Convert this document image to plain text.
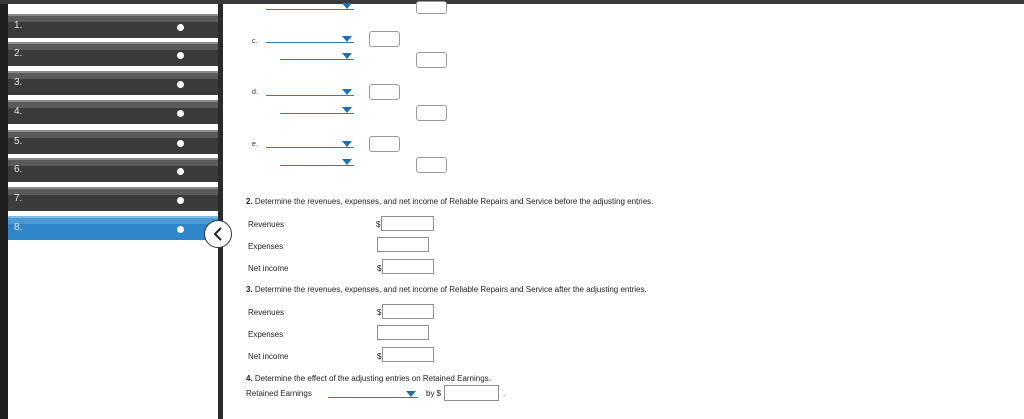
1.
2.
3.
4.
5.
6.
7.
8.
c.
d.
e.
2. Determine the revenues, expenses, and net income of Reliable Repairs and Service before the adjusting entries.
Revenues	$
Expenses
Net income	$
3. Determine the revenues, expenses, and net income of Reliable Repairs and Service after the adjusting entries.
Revenues	$
Expenses
Net income	$
4. Determine the effect of the adjusting entries on Retained Earnings.
Retained Earnings	by $	.
